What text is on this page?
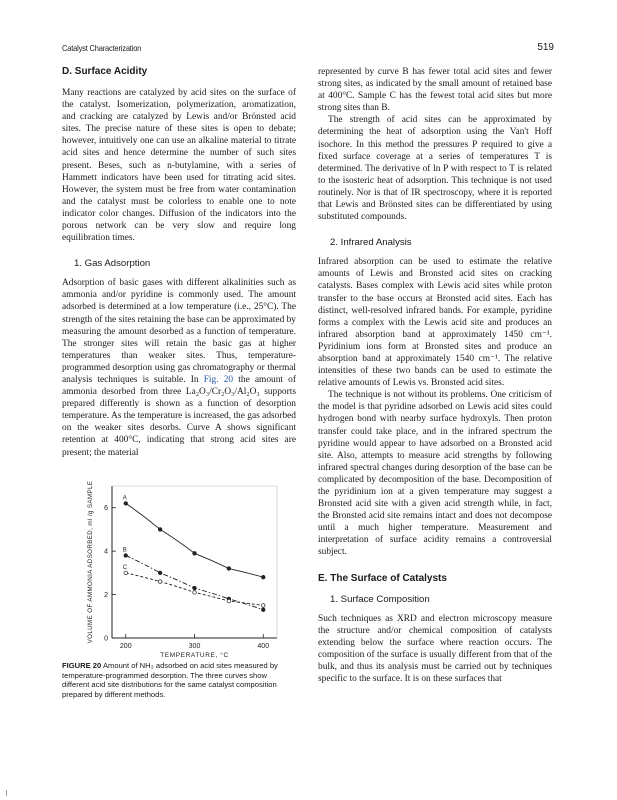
Catalyst Characterization	519
D. Surface Acidity

Many reactions are catalyzed by acid sites on the surface of the catalyst. Isomerization, polymerization, aromatization, and cracking are catalyzed by Lewis and/or Brönsted acid sites. The precise nature of these sites is open to debate; however, intuitively one can use an alkaline material to titrate acid sites and hence determine the number of such sites present. Beses, such as n-butylamine, with a series of Hammett indicators have been used for titrating acid sites. However, the system must be free from water contamination and the catalyst must be colorless to enable one to note indicator color changes. Diffusion of the indicators into the porous network can be very slow and require long equilibration times.

1. Gas Adsorption

Adsorption of basic gases with different alkalinities such as ammonia and/or pyridine is commonly used. The amount adsorbed is determined at a low temperature (i.e., 25°C). The strength of the sites retaining the base can be approximated by measuring the amount desorbed as a function of temperature. The stronger sites will retain the basic gas at higher temperatures than weaker sites. Thus, temperature-programmed desorption using gas chromatography or thermal analysis techniques is suitable. In Fig. 20 the amount of ammonia desorbed from three La₂O₃/Cr₂O₃/Al₂O₃ supports prepared differently is shown as a function of desorption temperature. As the temperature is increased, the gas adsorbed on the weaker sites desorbs. Curve A shows significant retention at 400°C, indicating that strong acid sites are present; the material

200	300	400
0
2
4
6
TEMPERATURE, °C
VOLUME OF AMMONIA ADSORBED, ml /g SAMPLE	A
B
C
FIGURE 20 Amount of NH₃ adsorbed on acid sites measured by temperature-programmed desorption. The three curves show different acid site distributions for the same catalyst composition prepared by different methods.

represented by curve B has fewer total acid sites and fewer strong sites, as indicated by the small amount of retained base at 400°C. Sample C has the fewest total acid sites but more strong sites than B.

The strength of acid sites can be approximated by determining the heat of adsorption using the Van't Hoff isochore. In this method the pressures P required to give a fixed surface coverage at a series of temperatures T is determined. The derivative of ln P with respect to T is related to the isosteric heat of adsorption. This technique is not used routinely. Nor is that of IR spectroscopy, where it is reported that Lewis and Brönsted sites can be differentiated by using substituted compounds.

2. Infrared Analysis

Infrared absorption can be used to estimate the relative amounts of Lewis and Bronsted acid sites on cracking catalysts. Bases complex with Lewis acid sites while proton transfer to the base occurs at Bronsted acid sites. Each has distinct, well-resolved infrared bands. For example, pyridine forms a complex with the Lewis acid site and produces an infrared absorption band at approximately 1450 cm⁻¹. Pyridinium ions form at Bronsted sites and produce an absorption band at approximately 1540 cm⁻¹. The relative intensities of these two bands can be used to estimate the relative amounts of Lewis vs. Bronsted acid sites.

The technique is not without its problems. One criticism of the model is that pyridine adsorbed on Lewis acid sites could hydrogen bond with nearby surface hydroxyls. Then proton transfer could take place, and in the infrared spectrum the pyridine would appear to have adsorbed on a Bronsted acid site. Also, attempts to measure acid strengths by following infrared spectral changes during desorption of the base can be complicated by decomposition of the base. Decomposition of the pyridinium ion at a given temperature may suggest a Bronsted acid site with a given acid strength while, in fact, the Bronsted acid site remains intact and does not decompose until a much higher temperature. Measurement and interpretation of surface acidity remains a controversial subject.

E. The Surface of Catalysts
1. Surface Composition

Such techniques as XRD and electron microscopy measure the structure and/or chemical composition of catalysts extending below the surface where reaction occurs. The composition of the surface is usually different from that of the bulk, and thus its analysis must be carried out by techniques specific to the surface. It is on these surfaces that
